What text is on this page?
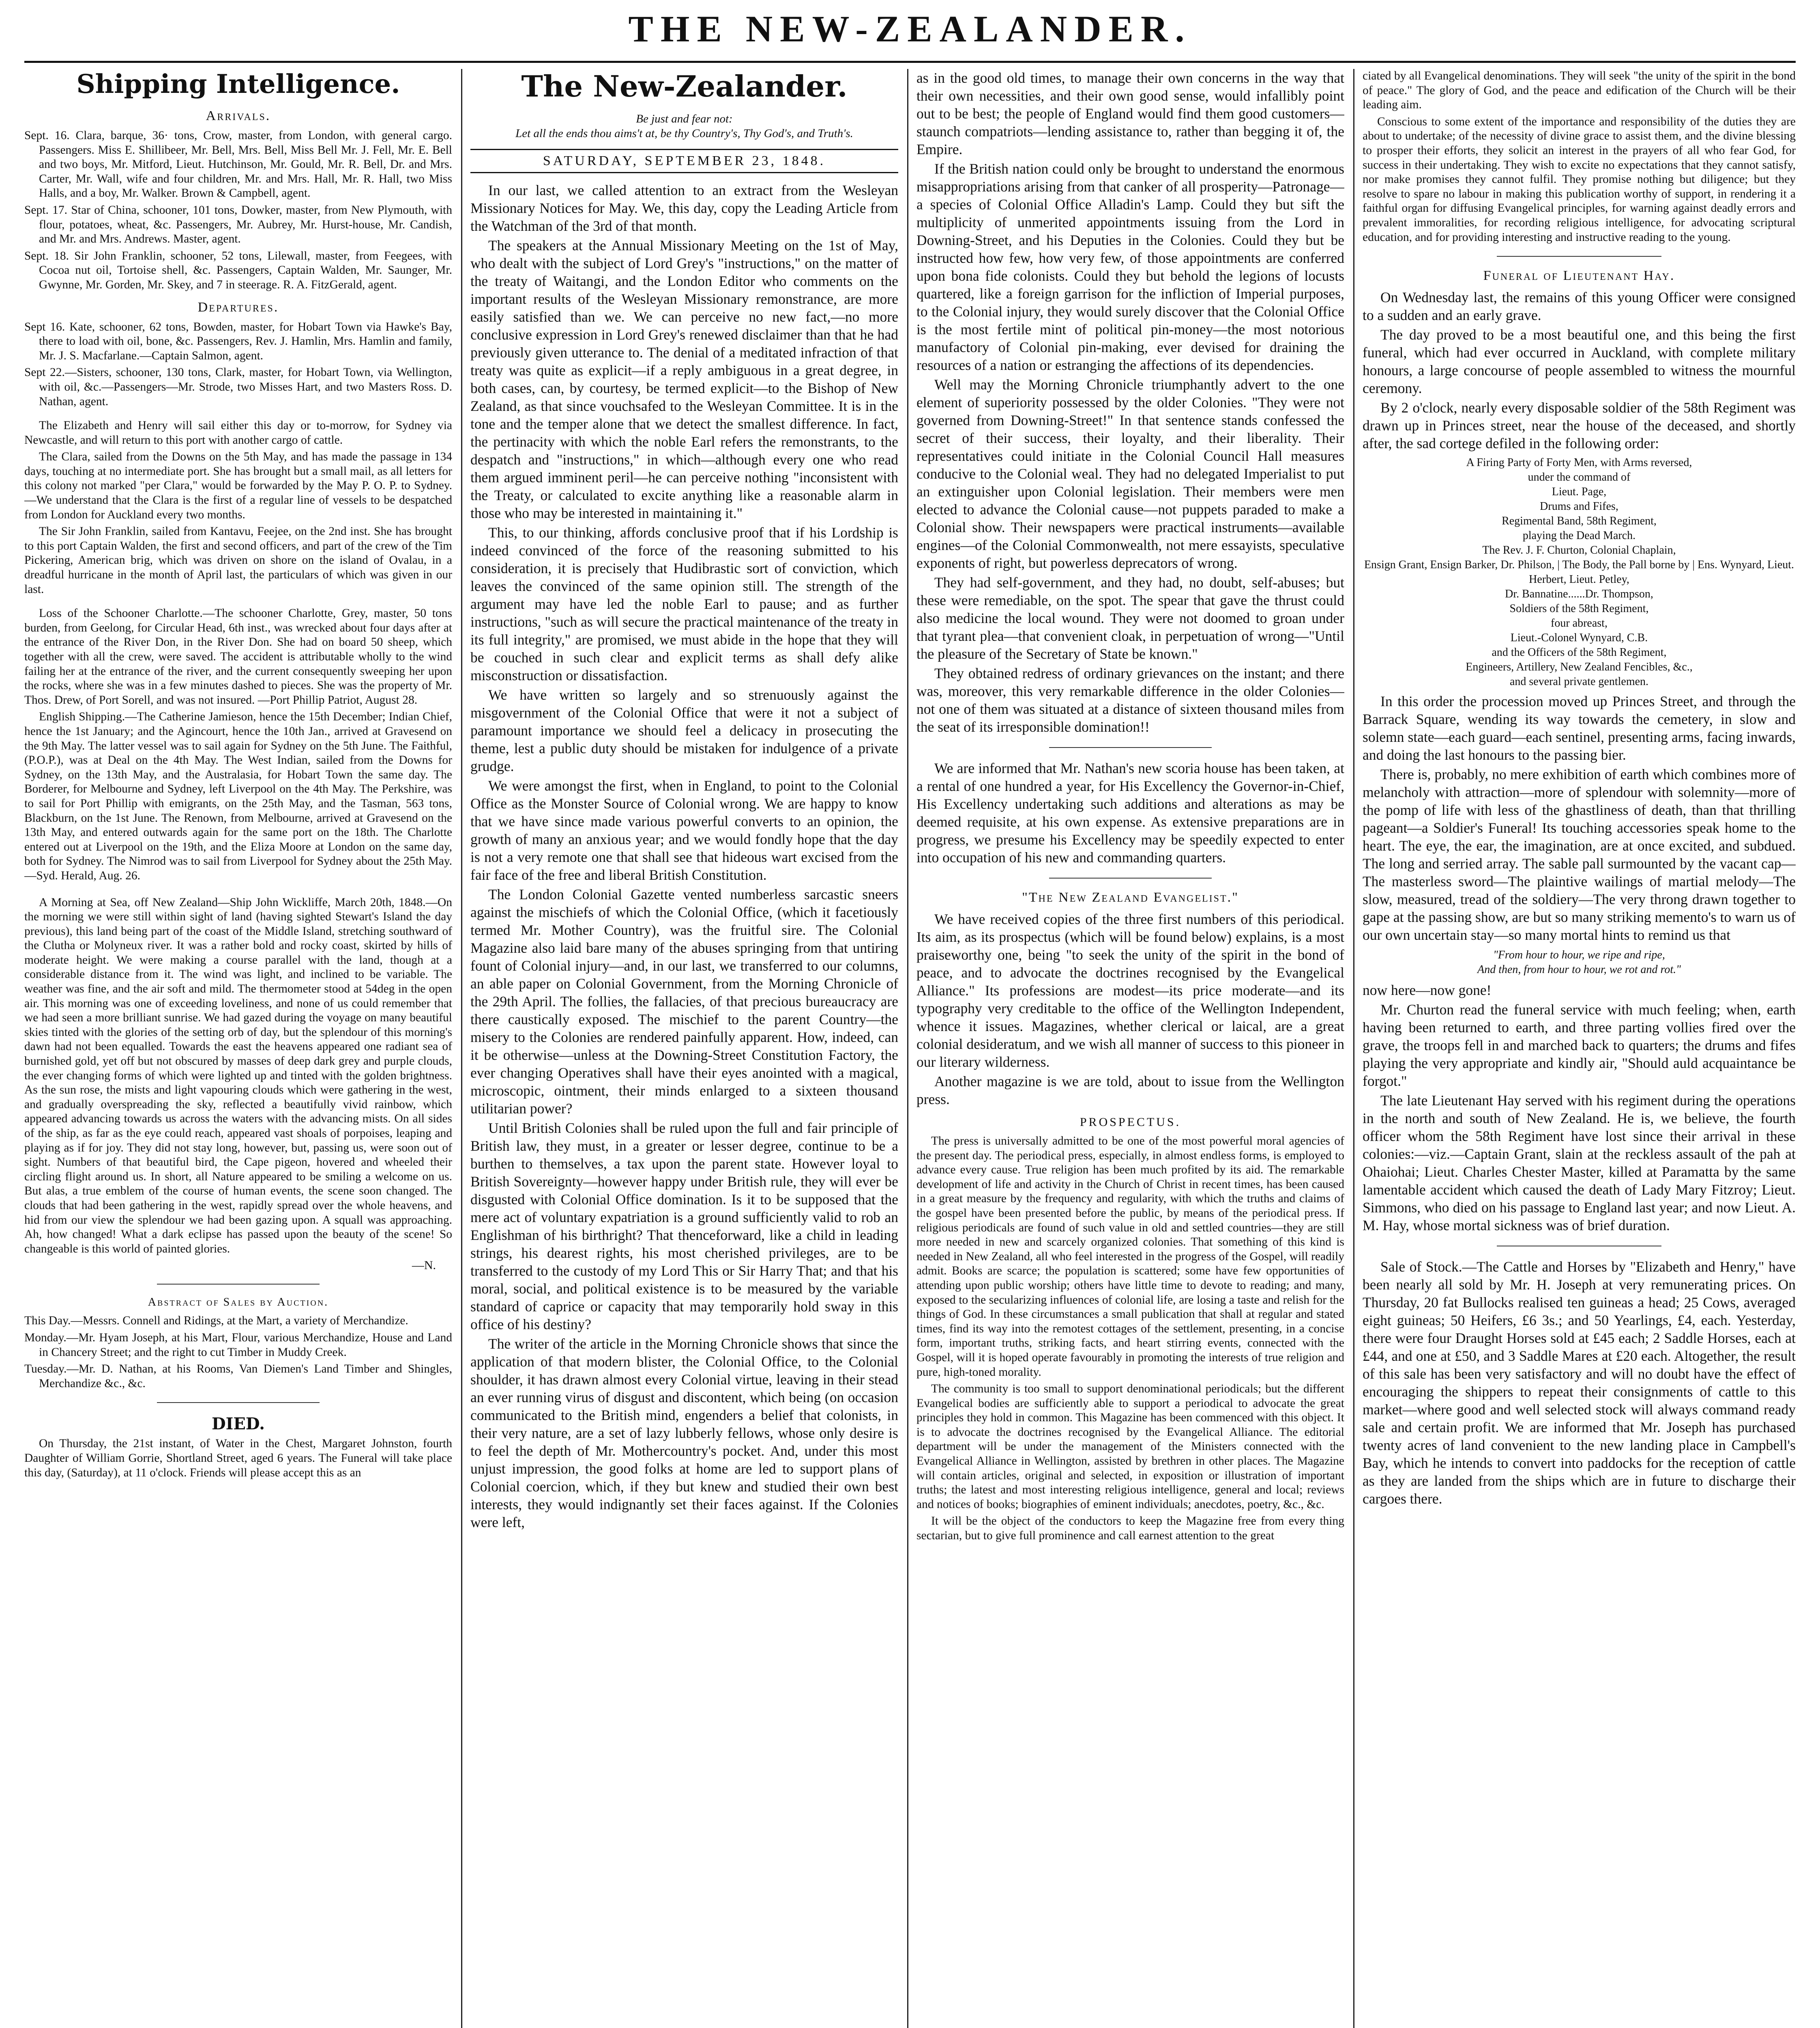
THE NEW-ZEALANDER.
Shipping Intelligence.
Arrivals.

Sept. 16. Clara, barque, 36· tons, Crow, master, from London, with general cargo. Passengers. Miss E. Shillibeer, Mr. Bell, Mrs. Bell, Miss Bell Mr. J. Fell, Mr. E. Bell and two boys, Mr. Mitford, Lieut. Hutchinson, Mr. Gould, Mr. R. Bell, Dr. and Mrs. Carter, Mr. Wall, wife and four children, Mr. and Mrs. Hall, Mr. R. Hall, two Miss Halls, and a boy, Mr. Walker. Brown & Campbell, agent.

Sept. 17. Star of China, schooner, 101 tons, Dowker, master, from New Plymouth, with flour, potatoes, wheat, &c. Passengers, Mr. Aubrey, Mr. Hurst-house, Mr. Candish, and Mr. and Mrs. Andrews. Master, agent.

Sept. 18. Sir John Franklin, schooner, 52 tons, Lilewall, master, from Feegees, with Cocoa nut oil, Tortoise shell, &c. Passengers, Captain Walden, Mr. Saunger, Mr. Gwynne, Mr. Gorden, Mr. Skey, and 7 in steerage. R. A. FitzGerald, agent.

Departures.

Sept 16. Kate, schooner, 62 tons, Bowden, master, for Hobart Town via Hawke's Bay, there to load with oil, bone, &c. Passengers, Rev. J. Hamlin, Mrs. Hamlin and family, Mr. J. S. Macfarlane.—Captain Salmon, agent.

Sept 22.—Sisters, schooner, 130 tons, Clark, master, for Hobart Town, via Wellington, with oil, &c.—Passengers—Mr. Strode, two Misses Hart, and two Masters Ross. D. Nathan, agent.

The Elizabeth and Henry will sail either this day or to-morrow, for Sydney via Newcastle, and will return to this port with another cargo of cattle.

The Clara, sailed from the Downs on the 5th May, and has made the passage in 134 days, touching at no intermediate port. She has brought but a small mail, as all letters for this colony not marked "per Clara," would be forwarded by the May P. O. P. to Sydney.—We understand that the Clara is the first of a regular line of vessels to be despatched from London for Auckland every two months.

The Sir John Franklin, sailed from Kantavu, Feejee, on the 2nd inst. She has brought to this port Captain Walden, the first and second officers, and part of the crew of the Tim Pickering, American brig, which was driven on shore on the island of Ovalau, in a dreadful hurricane in the month of April last, the particulars of which was given in our last.

Loss of the Schooner Charlotte.—The schooner Charlotte, Grey, master, 50 tons burden, from Geelong, for Circular Head, 6th inst., was wrecked about four days after at the entrance of the River Don, in the River Don. She had on board 50 sheep, which together with all the crew, were saved. The accident is attributable wholly to the wind failing her at the entrance of the river, and the current consequently sweeping her upon the rocks, where she was in a few minutes dashed to pieces. She was the property of Mr. Thos. Drew, of Port Sorell, and was not insured. —Port Phillip Patriot, August 28.

English Shipping.—The Catherine Jamieson, hence the 15th December; Indian Chief, hence the 1st January; and the Agincourt, hence the 10th Jan., arrived at Gravesend on the 9th May. The latter vessel was to sail again for Sydney on the 5th June. The Faithful, (P.O.P.), was at Deal on the 4th May. The West Indian, sailed from the Downs for Sydney, on the 13th May, and the Australasia, for Hobart Town the same day. The Borderer, for Melbourne and Sydney, left Liverpool on the 4th May. The Perkshire, was to sail for Port Phillip with emigrants, on the 25th May, and the Tasman, 563 tons, Blackburn, on the 1st June. The Renown, from Melbourne, arrived at Gravesend on the 13th May, and entered outwards again for the same port on the 18th. The Charlotte entered out at Liverpool on the 19th, and the Eliza Moore at London on the same day, both for Sydney. The Nimrod was to sail from Liverpool for Sydney about the 25th May.—Syd. Herald, Aug. 26.

A Morning at Sea, off New Zealand—Ship John Wickliffe, March 20th, 1848.—On the morning we were still within sight of land (having sighted Stewart's Island the day previous), this land being part of the coast of the Middle Island, stretching southward of the Clutha or Molyneux river. It was a rather bold and rocky coast, skirted by hills of moderate height. We were making a course parallel with the land, though at a considerable distance from it. The wind was light, and inclined to be variable. The weather was fine, and the air soft and mild. The thermometer stood at 54deg in the open air. This morning was one of exceeding loveliness, and none of us could remember that we had seen a more brilliant sunrise. We had gazed during the voyage on many beautiful skies tinted with the glories of the setting orb of day, but the splendour of this morning's dawn had not been equalled. Towards the east the heavens appeared one radiant sea of burnished gold, yet off but not obscured by masses of deep dark grey and purple clouds, the ever changing forms of which were lighted up and tinted with the golden brightness. As the sun rose, the mists and light vapouring clouds which were gathering in the west, and gradually overspreading the sky, reflected a beautifully vivid rainbow, which appeared advancing towards us across the waters with the advancing mists. On all sides of the ship, as far as the eye could reach, appeared vast shoals of porpoises, leaping and playing as if for joy. They did not stay long, however, but, passing us, were soon out of sight. Numbers of that beautiful bird, the Cape pigeon, hovered and wheeled their circling flight around us. In short, all Nature appeared to be smiling a welcome on us. But alas, a true emblem of the course of human events, the scene soon changed. The clouds that had been gathering in the west, rapidly spread over the whole heavens, and hid from our view the splendour we had been gazing upon. A squall was approaching. Ah, how changed! What a dark eclipse has passed upon the beauty of the scene! So changeable is this world of painted glories.

—N.
Abstract of Sales by Auction.

This Day.—Messrs. Connell and Ridings, at the Mart, a variety of Merchandize.

Monday.—Mr. Hyam Joseph, at his Mart, Flour, various Merchandize, House and Land in Chancery Street; and the right to cut Timber in Muddy Creek.

Tuesday.—Mr. D. Nathan, at his Rooms, Van Diemen's Land Timber and Shingles, Merchandize &c., &c.

DIED.

On Thursday, the 21st instant, of Water in the Chest, Margaret Johnston, fourth Daughter of William Gorrie, Shortland Street, aged 6 years. The Funeral will take place this day, (Saturday), at 11 o'clock. Friends will please accept this as an

The New-Zealander.

Be just and fear not:

Let all the ends thou aims't at, be thy Country's, Thy God's, and Truth's.

SATURDAY, SEPTEMBER 23, 1848.

In our last, we called attention to an extract from the Wesleyan Missionary Notices for May. We, this day, copy the Leading Article from the Watchman of the 3rd of that month.

The speakers at the Annual Missionary Meeting on the 1st of May, who dealt with the subject of Lord Grey's "instructions," on the matter of the treaty of Waitangi, and the London Editor who comments on the important results of the Wesleyan Missionary remonstrance, are more easily satisfied than we. We can perceive no new fact,—no more conclusive expression in Lord Grey's renewed disclaimer than that he had previously given utterance to. The denial of a meditated infraction of that treaty was quite as explicit—if a reply ambiguous in a great degree, in both cases, can, by courtesy, be termed explicit—to the Bishop of New Zealand, as that since vouchsafed to the Wesleyan Committee. It is in the tone and the temper alone that we detect the smallest difference. In fact, the pertinacity with which the noble Earl refers the remonstrants, to the despatch and "instructions," in which—although every one who read them argued imminent peril—he can perceive nothing "inconsistent with the Treaty, or calculated to excite anything like a reasonable alarm in those who may be interested in maintaining it."

This, to our thinking, affords conclusive proof that if his Lordship is indeed convinced of the force of the reasoning submitted to his consideration, it is precisely that Hudibrastic sort of conviction, which leaves the convinced of the same opinion still. The strength of the argument may have led the noble Earl to pause; and as further instructions, "such as will secure the practical maintenance of the treaty in its full integrity," are promised, we must abide in the hope that they will be couched in such clear and explicit terms as shall defy alike misconstruction or dissatisfaction.

We have written so largely and so strenuously against the misgovernment of the Colonial Office that were it not a subject of paramount importance we should feel a delicacy in prosecuting the theme, lest a public duty should be mistaken for indulgence of a private grudge.

We were amongst the first, when in England, to point to the Colonial Office as the Monster Source of Colonial wrong. We are happy to know that we have since made various powerful converts to an opinion, the growth of many an anxious year; and we would fondly hope that the day is not a very remote one that shall see that hideous wart excised from the fair face of the free and liberal British Constitution.

The London Colonial Gazette vented numberless sarcastic sneers against the mischiefs of which the Colonial Office, (which it facetiously termed Mr. Mother Country), was the fruitful sire. The Colonial Magazine also laid bare many of the abuses springing from that untiring fount of Colonial injury—and, in our last, we transferred to our columns, an able paper on Colonial Government, from the Morning Chronicle of the 29th April. The follies, the fallacies, of that precious bureaucracy are there caustically exposed. The mischief to the parent Country—the misery to the Colonies are rendered painfully apparent. How, indeed, can it be otherwise—unless at the Downing-Street Constitution Factory, the ever changing Operatives shall have their eyes anointed with a magical, microscopic, ointment, their minds enlarged to a sixteen thousand utilitarian power?

Until British Colonies shall be ruled upon the full and fair principle of British law, they must, in a greater or lesser degree, continue to be a burthen to themselves, a tax upon the parent state. However loyal to British Sovereignty—however happy under British rule, they will ever be disgusted with Colonial Office domination. Is it to be supposed that the mere act of voluntary expatriation is a ground sufficiently valid to rob an Englishman of his birthright? That thenceforward, like a child in leading strings, his dearest rights, his most cherished privileges, are to be transferred to the custody of my Lord This or Sir Harry That; and that his moral, social, and political existence is to be measured by the variable standard of caprice or capacity that may temporarily hold sway in this office of his destiny?

The writer of the article in the Morning Chronicle shows that since the application of that modern blister, the Colonial Office, to the Colonial shoulder, it has drawn almost every Colonial virtue, leaving in their stead an ever running virus of disgust and discontent, which being (on occasion communicated to the British mind, engenders a belief that colonists, in their very nature, are a set of lazy lubberly fellows, whose only desire is to feel the depth of Mr. Mothercountry's pocket. And, under this most unjust impression, the good folks at home are led to support plans of Colonial coercion, which, if they but knew and studied their own best interests, they would indignantly set their faces against. If the Colonies were left,

as in the good old times, to manage their own concerns in the way that their own necessities, and their own good sense, would infallibly point out to be best; the people of England would find them good customers—staunch compatriots—lending assistance to, rather than begging it of, the Empire.

If the British nation could only be brought to understand the enormous misappropriations arising from that canker of all prosperity—Patronage—a species of Colonial Office Alladin's Lamp. Could they but sift the multiplicity of unmerited appointments issuing from the Lord in Downing-Street, and his Deputies in the Colonies. Could they but be instructed how few, how very few, of those appointments are conferred upon bona fide colonists. Could they but behold the legions of locusts quartered, like a foreign garrison for the infliction of Imperial purposes, to the Colonial injury, they would surely discover that the Colonial Office is the most fertile mint of political pin-money—the most notorious manufactory of Colonial pin-making, ever devised for draining the resources of a nation or estranging the affections of its dependencies.

Well may the Morning Chronicle triumphantly advert to the one element of superiority possessed by the older Colonies. "They were not governed from Downing-Street!" In that sentence stands confessed the secret of their success, their loyalty, and their liberality. Their representatives could initiate in the Colonial Council Hall measures conducive to the Colonial weal. They had no delegated Imperialist to put an extinguisher upon Colonial legislation. Their members were men elected to advance the Colonial cause—not puppets paraded to make a Colonial show. Their newspapers were practical instruments—available engines—of the Colonial Commonwealth, not mere essayists, speculative exponents of right, but powerless deprecators of wrong.

They had self-government, and they had, no doubt, self-abuses; but these were remediable, on the spot. The spear that gave the thrust could also medicine the local wound. They were not doomed to groan under that tyrant plea—that convenient cloak, in perpetuation of wrong—"Until the pleasure of the Secretary of State be known."

They obtained redress of ordinary grievances on the instant; and there was, moreover, this very remarkable difference in the older Colonies—not one of them was situated at a distance of sixteen thousand miles from the seat of its irresponsible domination!!

We are informed that Mr. Nathan's new scoria house has been taken, at a rental of one hundred a year, for His Excellency the Governor-in-Chief, His Excellency undertaking such additions and alterations as may be deemed requisite, at his own expense. As extensive preparations are in progress, we presume his Excellency may be speedily expected to enter into occupation of his new and commanding quarters.

"The New Zealand Evangelist."

We have received copies of the three first numbers of this periodical. Its aim, as its prospectus (which will be found below) explains, is a most praiseworthy one, being "to seek the unity of the spirit in the bond of peace, and to advocate the doctrines recognised by the Evangelical Alliance." Its professions are modest—its price moderate—and its typography very creditable to the office of the Wellington Independent, whence it issues. Magazines, whether clerical or laical, are a great colonial desideratum, and we wish all manner of success to this pioneer in our literary wilderness.

Another magazine is we are told, about to issue from the Wellington press.

PROSPECTUS.

The press is universally admitted to be one of the most powerful moral agencies of the present day. The periodical press, especially, in almost endless forms, is employed to advance every cause. True religion has been much profited by its aid. The remarkable development of life and activity in the Church of Christ in recent times, has been caused in a great measure by the frequency and regularity, with which the truths and claims of the gospel have been presented before the public, by means of the periodical press. If religious periodicals are found of such value in old and settled countries—they are still more needed in new and scarcely organized colonies. That something of this kind is needed in New Zealand, all who feel interested in the progress of the Gospel, will readily admit. Books are scarce; the population is scattered; some have few opportunities of attending upon public worship; others have little time to devote to reading; and many, exposed to the secularizing influences of colonial life, are losing a taste and relish for the things of God. In these circumstances a small publication that shall at regular and stated times, find its way into the remotest cottages of the settlement, presenting, in a concise form, important truths, striking facts, and heart stirring events, connected with the Gospel, will it is hoped operate favourably in promoting the interests of true religion and pure, high-toned morality.

The community is too small to support denominational periodicals; but the different Evangelical bodies are sufficiently able to support a periodical to advocate the great principles they hold in common. This Magazine has been commenced with this object. It is to advocate the doctrines recognised by the Evangelical Alliance. The editorial department will be under the management of the Ministers connected with the Evangelical Alliance in Wellington, assisted by brethren in other places. The Magazine will contain articles, original and selected, in exposition or illustration of important truths; the latest and most interesting religious intelligence, general and local; reviews and notices of books; biographies of eminent individuals; anecdotes, poetry, &c., &c.

It will be the object of the conductors to keep the Magazine free from every thing sectarian, but to give full prominence and call earnest attention to the great

ciated by all Evangelical denominations. They will seek "the unity of the spirit in the bond of peace." The glory of God, and the peace and edification of the Church will be their leading aim.

Conscious to some extent of the importance and responsibility of the duties they are about to undertake; of the necessity of divine grace to assist them, and the divine blessing to prosper their efforts, they solicit an interest in the prayers of all who fear God, for success in their undertaking. They wish to excite no expectations that they cannot satisfy, nor make promises they cannot fulfil. They promise nothing but diligence; but they resolve to spare no labour in making this publication worthy of support, in rendering it a faithful organ for diffusing Evangelical principles, for warning against deadly errors and prevalent immoralities, for recording religious intelligence, for advocating scriptural education, and for providing interesting and instructive reading to the young.

Funeral of Lieutenant Hay.

On Wednesday last, the remains of this young Officer were consigned to a sudden and an early grave.

The day proved to be a most beautiful one, and this being the first funeral, which had ever occurred in Auckland, with complete military honours, a large concourse of people assembled to witness the mournful ceremony.

By 2 o'clock, nearly every disposable soldier of the 58th Regiment was drawn up in Princes street, near the house of the deceased, and shortly after, the sad cortege defiled in the following order:

A Firing Party of Forty Men, with Arms reversed,
under the command of
Lieut. Page,
Drums and Fifes,
Regimental Band, 58th Regiment,
playing the Dead March.
The Rev. J. F. Churton, Colonial Chaplain,
Ensign Grant, Ensign Barker, Dr. Philson, | The Body, the Pall borne by | Ens. Wynyard, Lieut. Herbert, Lieut. Petley,
Dr. Bannatine......Dr. Thompson,
Soldiers of the 58th Regiment,
four abreast,
Lieut.-Colonel Wynyard, C.B.
and the Officers of the 58th Regiment,
Engineers, Artillery, New Zealand Fencibles, &c.,
and several private gentlemen.

In this order the procession moved up Princes Street, and through the Barrack Square, wending its way towards the cemetery, in slow and solemn state—each guard—each sentinel, presenting arms, facing inwards, and doing the last honours to the passing bier.

There is, probably, no mere exhibition of earth which combines more of melancholy with attraction—more of splendour with solemnity—more of the pomp of life with less of the ghastliness of death, than that thrilling pageant—a Soldier's Funeral! Its touching accessories speak home to the heart. The eye, the ear, the imagination, are at once excited, and subdued. The long and serried array. The sable pall surmounted by the vacant cap—The masterless sword—The plaintive wailings of martial melody—The slow, measured, tread of the soldiery—The very throng drawn together to gape at the passing show, are but so many striking memento's to warn us of our own uncertain stay—so many mortal hints to remind us that

"From hour to hour, we ripe and ripe,
And then, from hour to hour, we rot and rot."

now here—now gone!

Mr. Churton read the funeral service with much feeling; when, earth having been returned to earth, and three parting vollies fired over the grave, the troops fell in and marched back to quarters; the drums and fifes playing the very appropriate and kindly air, "Should auld acquaintance be forgot."

The late Lieutenant Hay served with his regiment during the operations in the north and south of New Zealand. He is, we believe, the fourth officer whom the 58th Regiment have lost since their arrival in these colonies:—viz.—Captain Grant, slain at the reckless assault of the pah at Ohaiohai; Lieut. Charles Chester Master, killed at Paramatta by the same lamentable accident which caused the death of Lady Mary Fitzroy; Lieut. Simmons, who died on his passage to England last year; and now Lieut. A. M. Hay, whose mortal sickness was of brief duration.

Sale of Stock.—The Cattle and Horses by "Elizabeth and Henry," have been nearly all sold by Mr. H. Joseph at very remunerating prices. On Thursday, 20 fat Bullocks realised ten guineas a head; 25 Cows, averaged eight guineas; 50 Heifers, £6 3s.; and 50 Yearlings, £4, each. Yesterday, there were four Draught Horses sold at £45 each; 2 Saddle Horses, each at £44, and one at £50, and 3 Saddle Mares at £20 each. Altogether, the result of this sale has been very satisfactory and will no doubt have the effect of encouraging the shippers to repeat their consignments of cattle to this market—where good and well selected stock will always command ready sale and certain profit. We are informed that Mr. Joseph has purchased twenty acres of land convenient to the new landing place in Campbell's Bay, which he intends to convert into paddocks for the reception of cattle as they are landed from the ships which are in future to discharge their cargoes there.
